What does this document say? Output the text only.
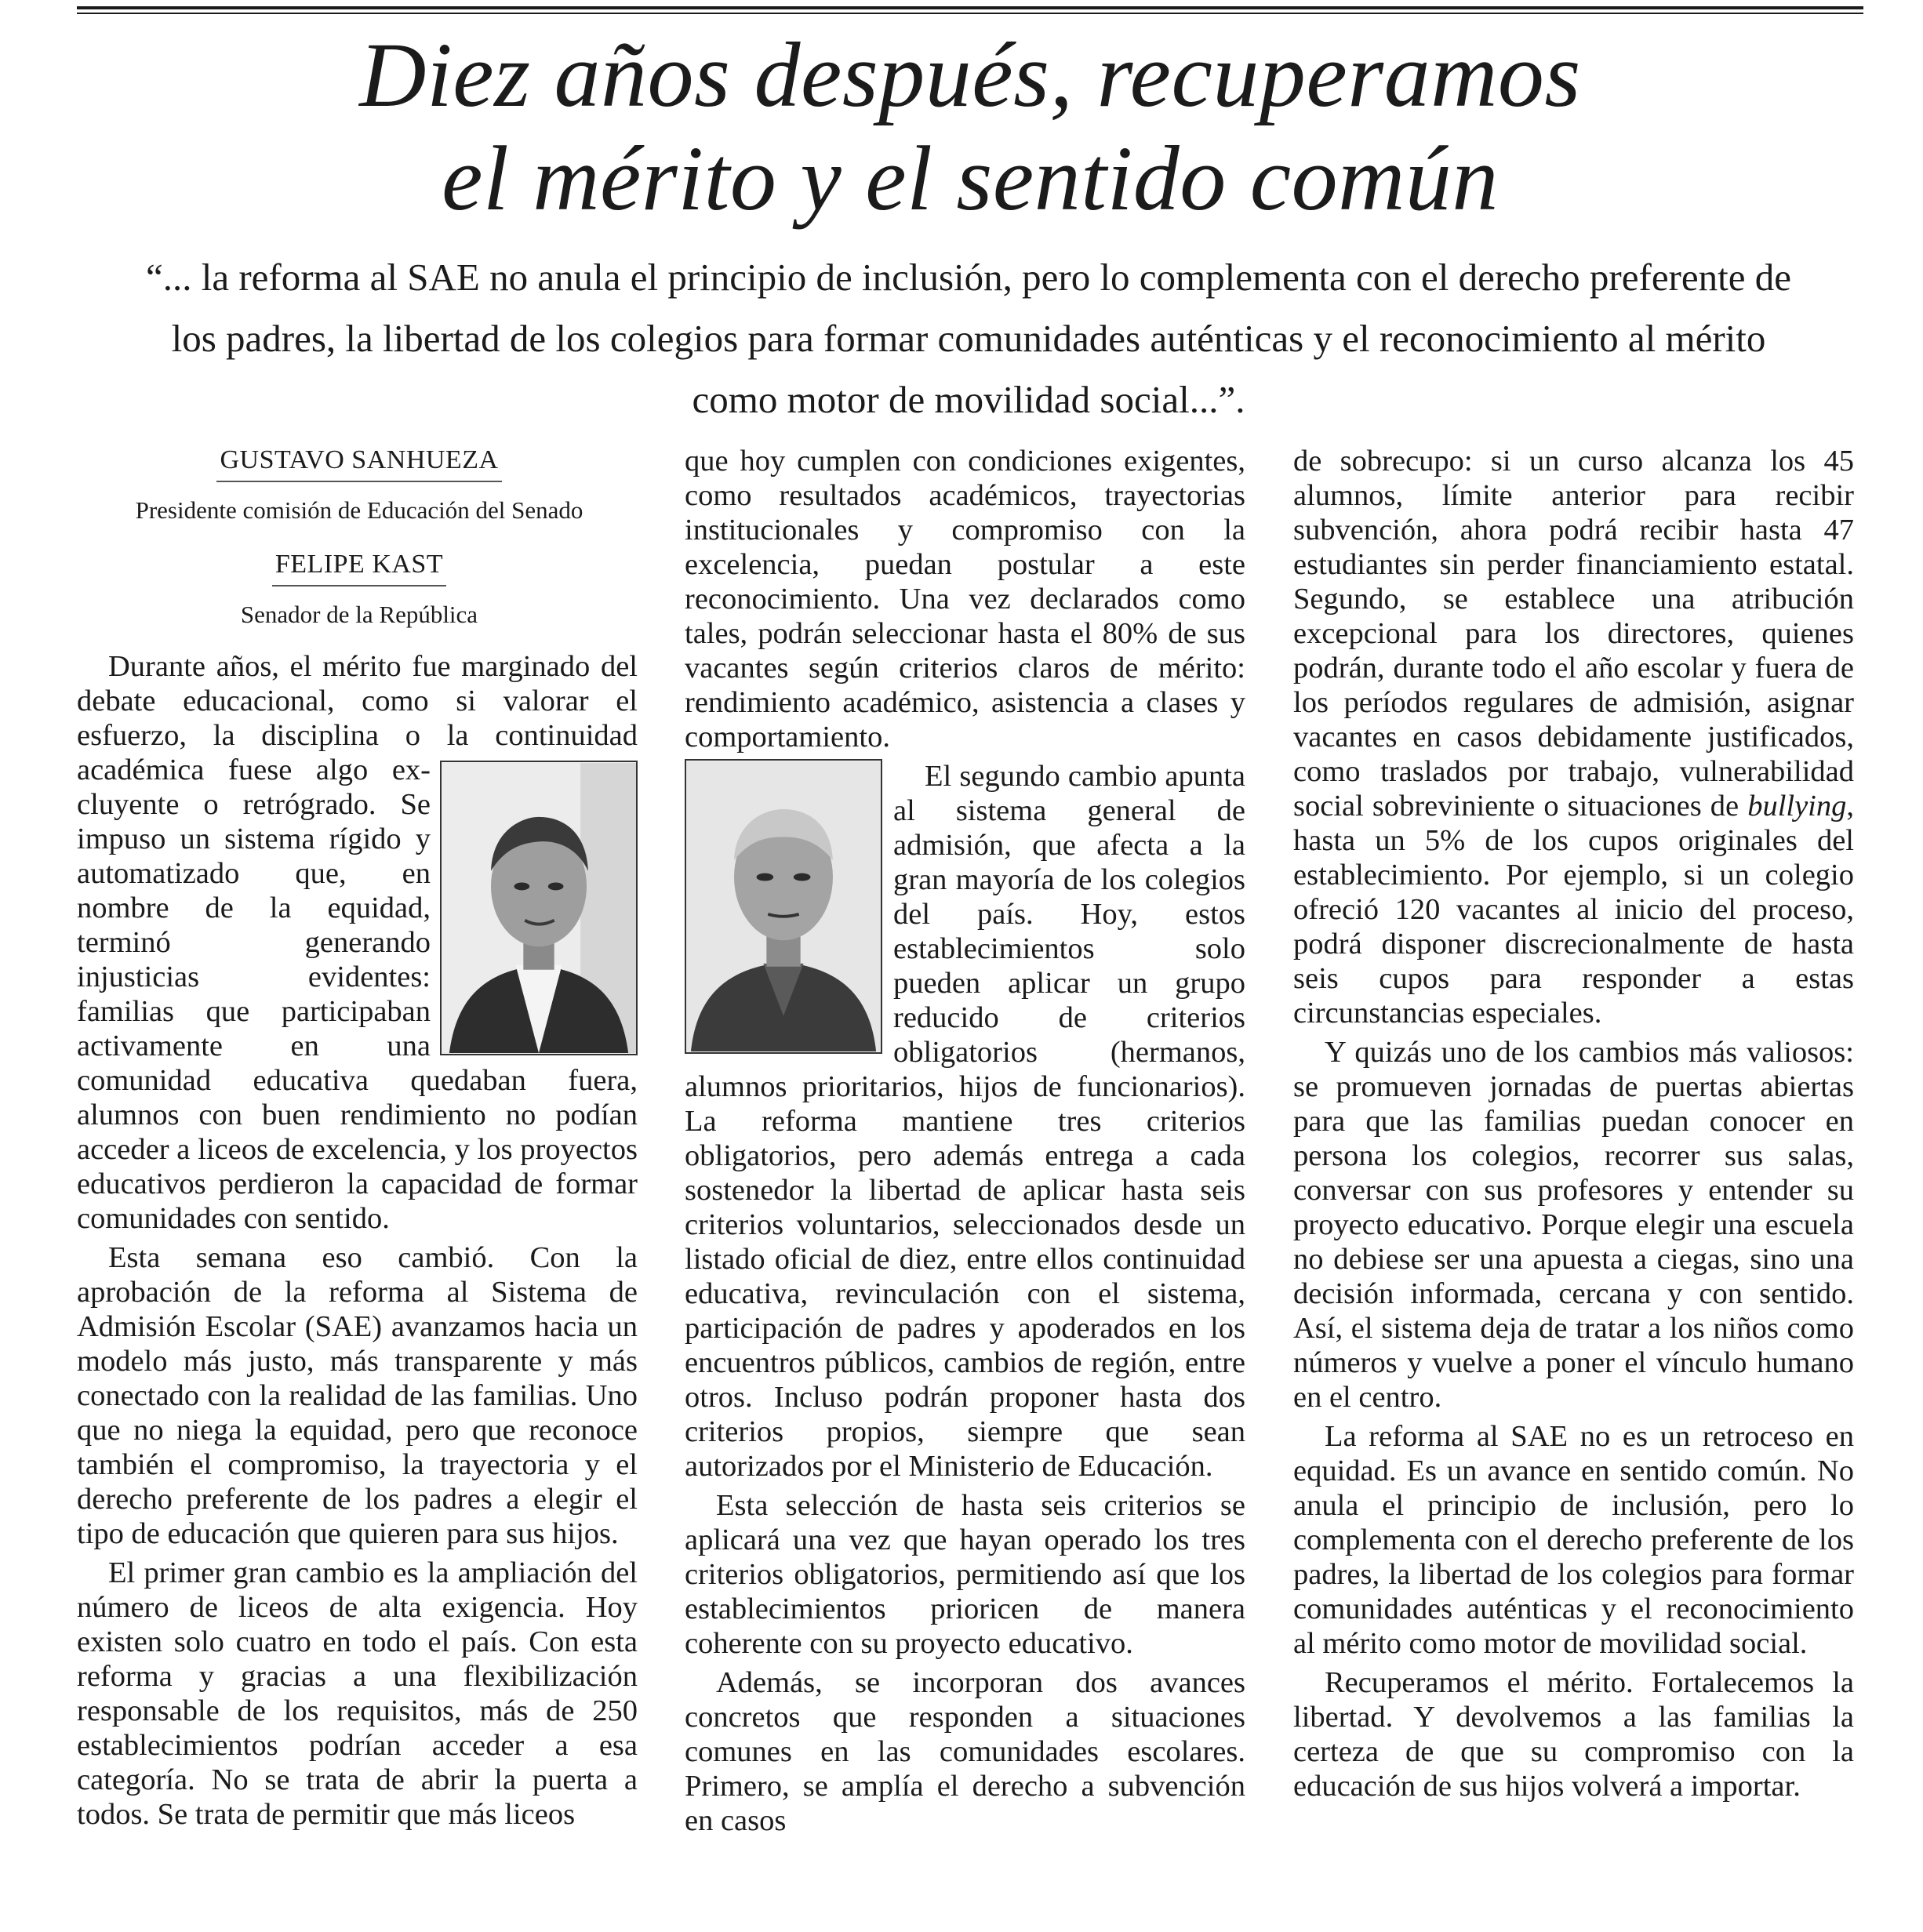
Diez años después, recuperamos
el mérito y el sentido común

“... la reforma al SAE no anula el principio de inclusión, pero lo complementa con el derecho preferente de los padres, la libertad de los colegios para formar comunidades auténticas y el reconocimiento al mérito como motor de movilidad social...”.

GUSTAVO SANHUEZA
Presidente comisión de Educación del Senado
FELIPE KAST
Senador de la República

Durante años, el mérito fue marginado del debate educacional, como si valorar el esfuerzo, la disciplina o la continuidad académica fuese algo ex-
cluyente o retrógrado. Se impuso un sistema rígido y automatizado que, en nombre de la equidad, terminó generando injusticias evidentes: familias que participaban activamente en una comunidad educativa quedaban fuera, alumnos con buen rendimiento no podían acceder a liceos de excelencia, y los proyectos educativos perdieron la capacidad de formar comunidades con sentido.

Esta semana eso cambió. Con la aprobación de la reforma al Sistema de Admisión Escolar (SAE) avanzamos hacia un modelo más justo, más transparente y más conectado con la realidad de las familias. Uno que no niega la equidad, pero que reconoce también el compromiso, la trayectoria y el derecho preferente de los padres a elegir el tipo de educación que quieren para sus hijos.

El primer gran cambio es la ampliación del número de liceos de alta exigencia. Hoy existen solo cuatro en todo el país. Con esta reforma y gracias a una flexibilización responsable de los requisitos, más de 250 establecimientos podrían acceder a esa categoría. No se trata de abrir la puerta a todos. Se trata de permitir que más liceos

que hoy cumplen con condiciones exigentes, como resultados académicos, trayectorias institucionales y compromiso con la excelencia, puedan postular a este reconocimiento. Una vez declarados como tales, podrán seleccionar hasta el 80% de sus vacantes según criterios claros de mérito: rendimiento académico, asistencia a clases y comportamiento.

El segundo cambio apunta al sistema general de admisión, que afecta a la gran mayoría de los colegios del país. Hoy, estos establecimientos solo pueden aplicar un grupo reducido de criterios obligatorios (hermanos, alumnos prioritarios, hijos de funcionarios). La reforma mantiene tres criterios obligatorios, pero además entrega a cada sostenedor la libertad de aplicar hasta seis criterios voluntarios, seleccionados desde un listado oficial de diez, entre ellos continuidad educativa, revinculación con el sistema, participación de padres y apoderados en los encuentros públicos, cambios de región, entre otros. Incluso podrán proponer hasta dos criterios propios, siempre que sean autorizados por el Ministerio de Educación.

Esta selección de hasta seis criterios se aplicará una vez que hayan operado los tres criterios obligatorios, permitiendo así que los establecimientos prioricen de manera coherente con su proyecto educativo.

Además, se incorporan dos avances concretos que responden a situaciones comunes en las comunidades escolares. Primero, se amplía el derecho a subvención en casos

de sobrecupo: si un curso alcanza los 45 alumnos, límite anterior para recibir subvención, ahora podrá recibir hasta 47 estudiantes sin perder financiamiento estatal. Segundo, se establece una atribución excepcional para los directores, quienes podrán, durante todo el año escolar y fuera de los períodos regulares de admisión, asignar vacantes en casos debidamente justificados, como traslados por trabajo, vulnerabilidad social sobreviniente o situaciones de bullying, hasta un 5% de los cupos originales del establecimiento. Por ejemplo, si un colegio ofreció 120 vacantes al inicio del proceso, podrá disponer discrecionalmente de hasta seis cupos para responder a estas circunstancias especiales.

Y quizás uno de los cambios más valiosos: se promueven jornadas de puertas abiertas para que las familias puedan conocer en persona los colegios, recorrer sus salas, conversar con sus profesores y entender su proyecto educativo. Porque elegir una escuela no debiese ser una apuesta a ciegas, sino una decisión informada, cercana y con sentido. Así, el sistema deja de tratar a los niños como números y vuelve a poner el vínculo humano en el centro.

La reforma al SAE no es un retroceso en equidad. Es un avance en sentido común. No anula el principio de inclusión, pero lo complementa con el derecho preferente de los padres, la libertad de los colegios para formar comunidades auténticas y el reconocimiento al mérito como motor de movilidad social.

Recuperamos el mérito. Fortalecemos la libertad. Y devolvemos a las familias la certeza de que su compromiso con la educación de sus hijos volverá a importar.
